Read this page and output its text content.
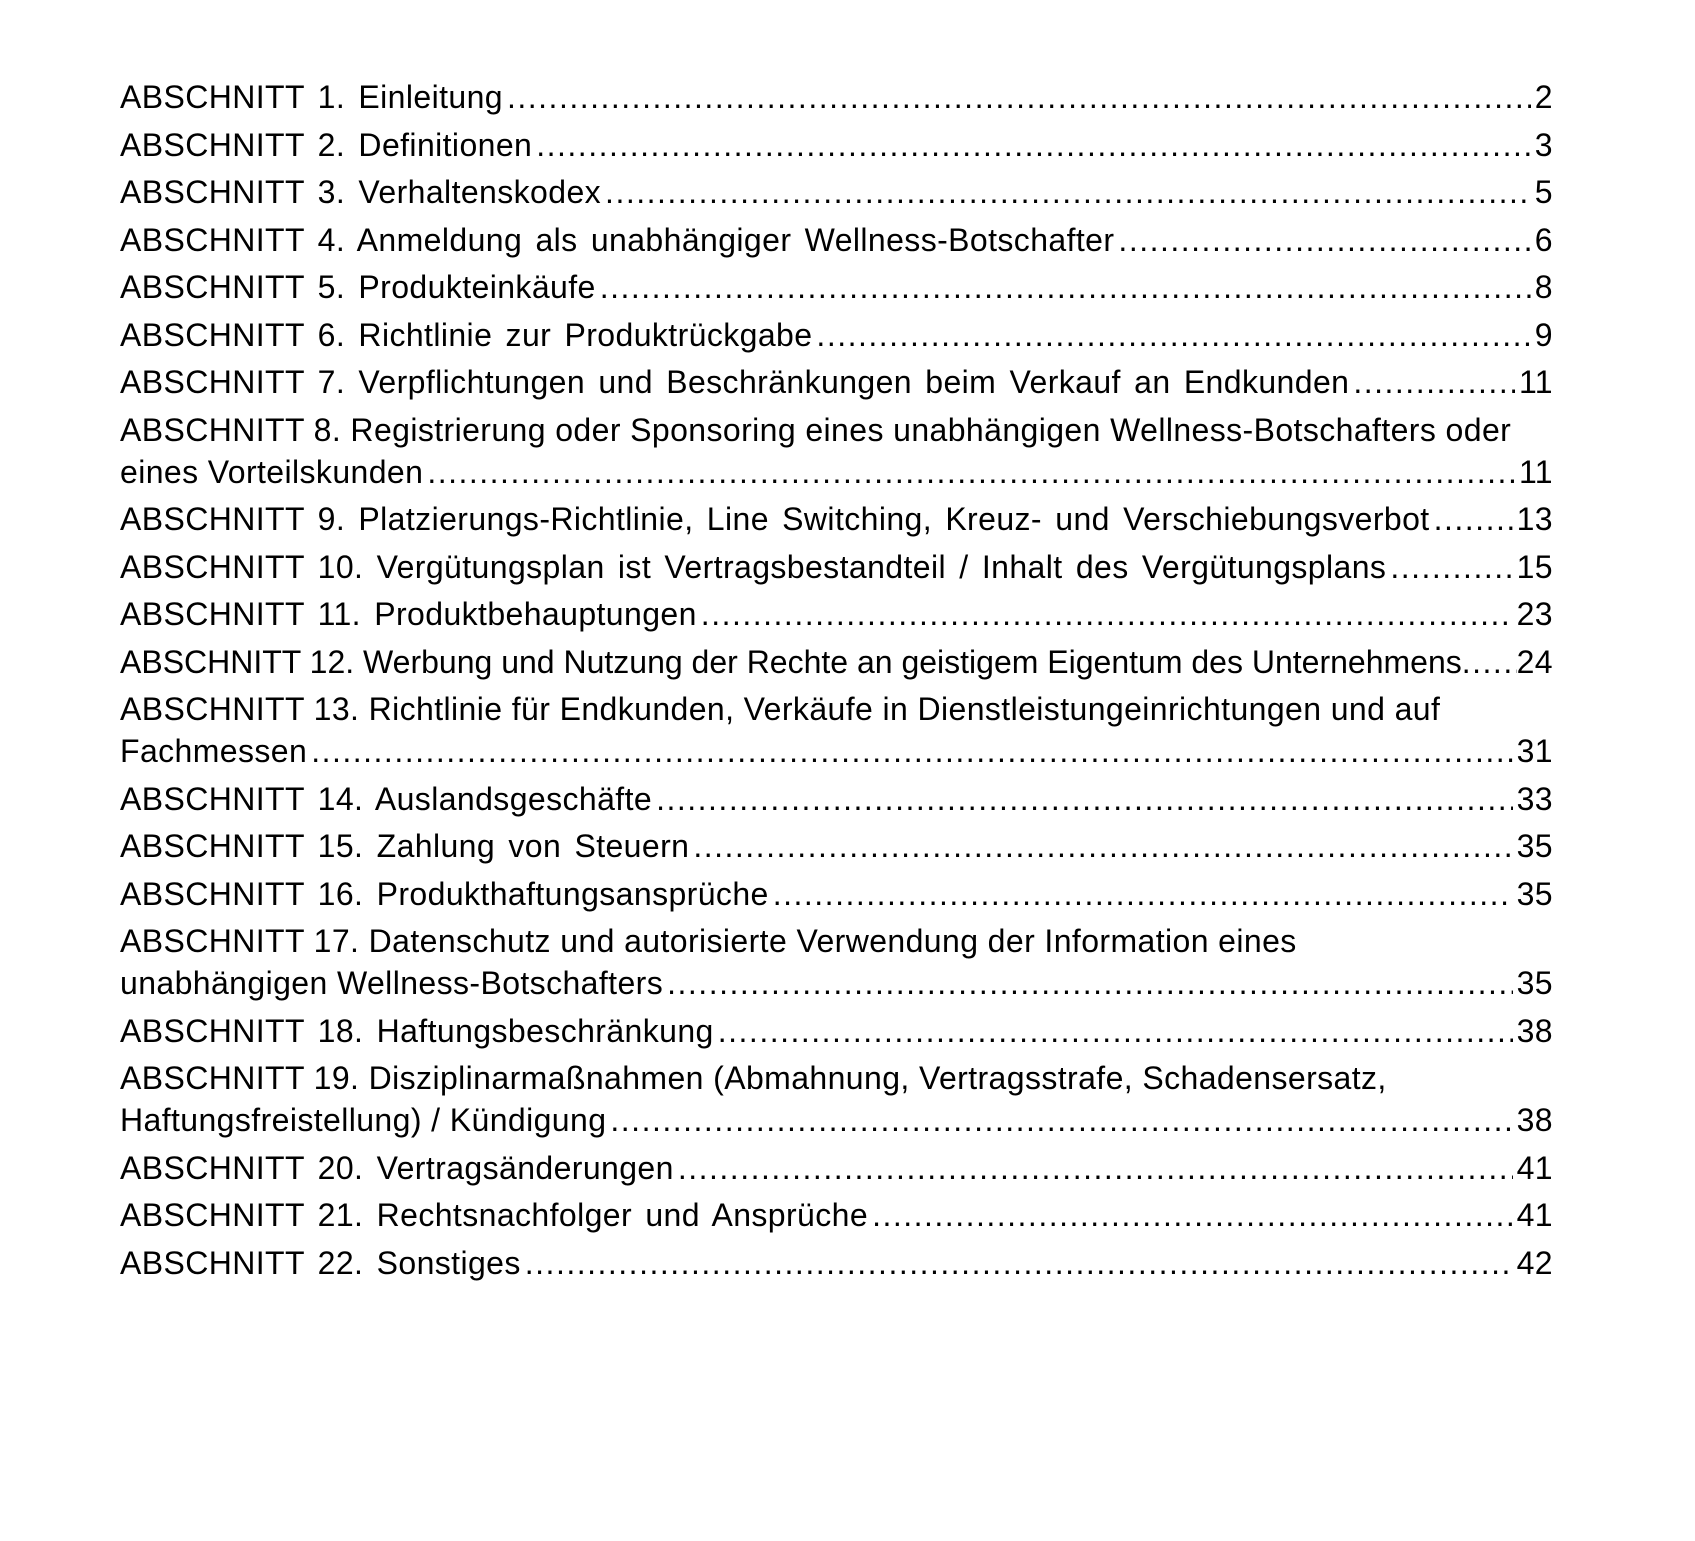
ABSCHNITT 1. Einleitung .....	2
ABSCHNITT 2. Definitionen .....	3
ABSCHNITT 3. Verhaltenskodex .....	5
ABSCHNITT 4. Anmeldung als unabhängiger Wellness-Botschafter .....	6
ABSCHNITT 5. Produkteinkäufe .....	8
ABSCHNITT 6. Richtlinie zur Produktrückgabe .....	9
ABSCHNITT 7. Verpflichtungen und Beschränkungen beim Verkauf an Endkunden .....	11
ABSCHNITT 8. Registrierung oder Sponsoring eines unabhängigen Wellness-Botschafters oder
eines Vorteilskunden .....	11
ABSCHNITT 9. Platzierungs-Richtlinie, Line Switching, Kreuz- und Verschiebungsverbot .....	13
ABSCHNITT 10. Vergütungsplan ist Vertragsbestandteil / Inhalt des Vergütungsplans .....	15
ABSCHNITT 11. Produktbehauptungen .....	23
ABSCHNITT 12. Werbung und Nutzung der Rechte an geistigem Eigentum des Unternehmens ..... 24
ABSCHNITT 13. Richtlinie für Endkunden, Verkäufe in Dienstleistungeinrichtungen und auf
Fachmessen .....	31
ABSCHNITT 14. Auslandsgeschäfte .....	33
ABSCHNITT 15. Zahlung von Steuern .....	35
ABSCHNITT 16. Produkthaftungsansprüche .....	35
ABSCHNITT 17. Datenschutz und autorisierte Verwendung der Information eines
unabhängigen Wellness-Botschafters .....	35
ABSCHNITT 18. Haftungsbeschränkung .....	38
ABSCHNITT 19. Disziplinarmaßnahmen (Abmahnung, Vertragsstrafe, Schadensersatz,
Haftungsfreistellung) / Kündigung .....	38
ABSCHNITT 20. Vertragsänderungen .....	41
ABSCHNITT 21. Rechtsnachfolger und Ansprüche .....	41
ABSCHNITT 22. Sonstiges .....	42
